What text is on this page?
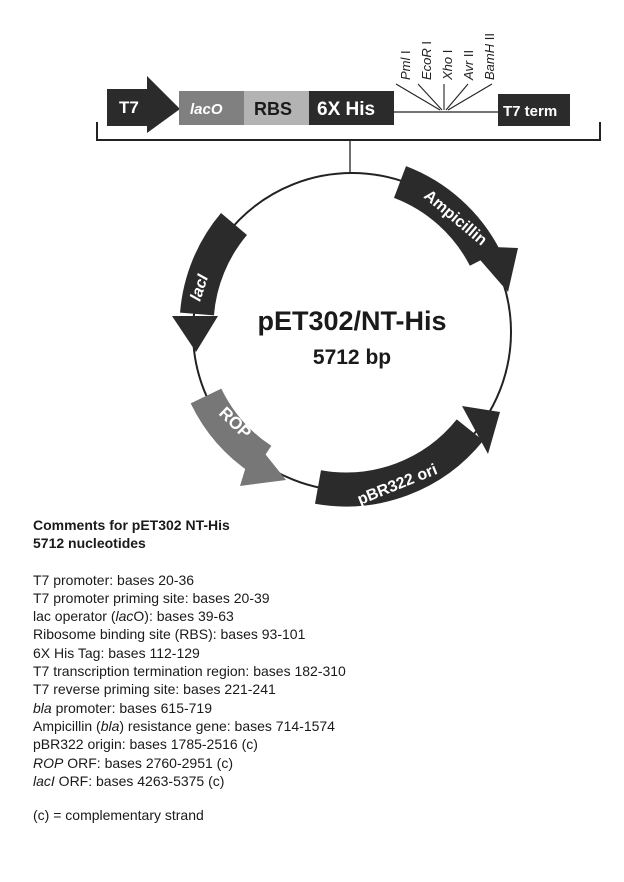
T7	lacO RBS 6X His	T7 term
Pml I EcoR I
Xho I
Avr II BamH II
Ampicillin
lacI
ROP
pBR322 ori
pET302/NT-His
5712 bp

Comments for pET302 NT-His

5712 nucleotides

T7 promoter: bases 20-36

T7 promoter priming site: bases 20-39

lac operator (lacO): bases 39-63

Ribosome binding site (RBS): bases 93-101

6X His Tag: bases 112-129

T7 transcription termination region: bases 182-310

T7 reverse priming site: bases 221-241

bla promoter: bases 615-719

Ampicillin (bla) resistance gene: bases 714-1574

pBR322 origin: bases 1785-2516 (c)

ROP ORF: bases 2760-2951 (c)

lacI ORF: bases 4263-5375 (c)

(c) = complementary strand
